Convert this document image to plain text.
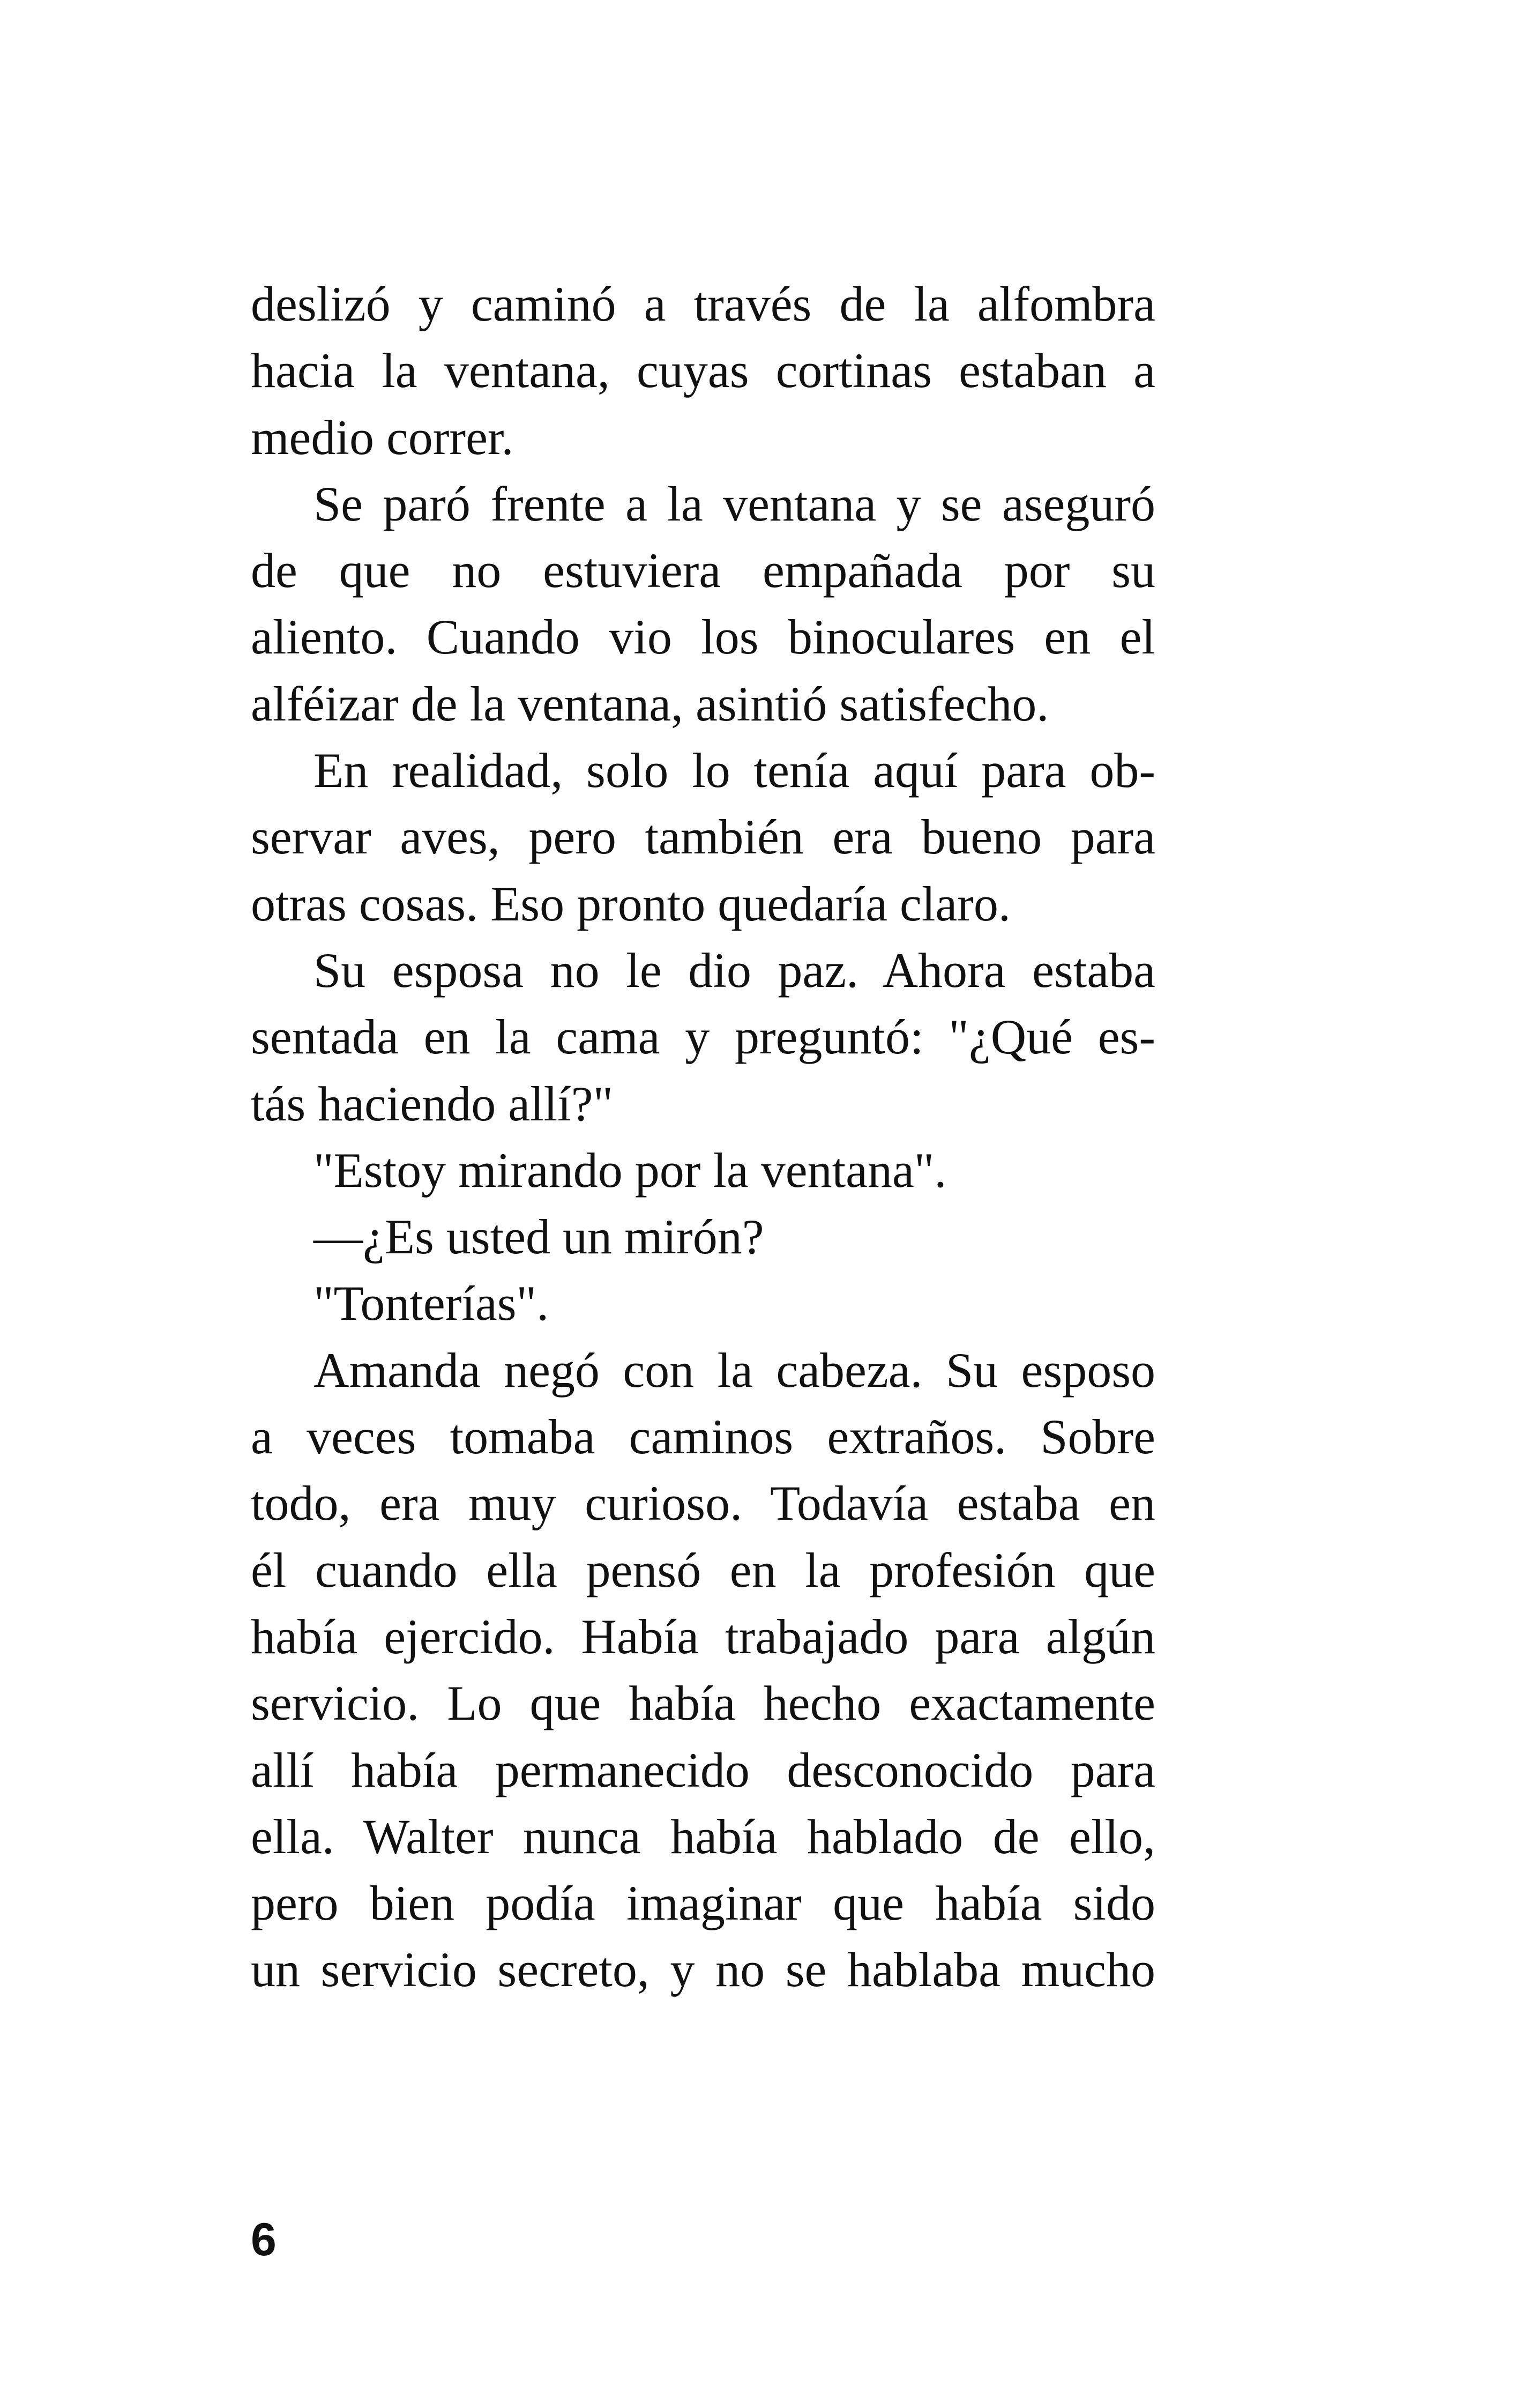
deslizó y caminó a través de la alfombra
hacia la ventana, cuyas cortinas estaban a
medio correr.
Se paró frente a la ventana y se aseguró
de que no estuviera empañada por su
aliento. Cuando vio los binoculares en el
alféizar de la ventana, asintió satisfecho.
En realidad, solo lo tenía aquí para ob-
servar aves, pero también era bueno para
otras cosas. Eso pronto quedaría claro.
Su esposa no le dio paz. Ahora estaba
sentada en la cama y preguntó: "¿Qué es-
tás haciendo allí?"
"Estoy mirando por la ventana".
—¿Es usted un mirón?
"Tonterías".
Amanda negó con la cabeza. Su esposo
a veces tomaba caminos extraños. Sobre
todo, era muy curioso. Todavía estaba en
él cuando ella pensó en la profesión que
había ejercido. Había trabajado para algún
servicio. Lo que había hecho exactamente
allí había permanecido desconocido para
ella. Walter nunca había hablado de ello,
pero bien podía imaginar que había sido
un servicio secreto, y no se hablaba mucho
6
